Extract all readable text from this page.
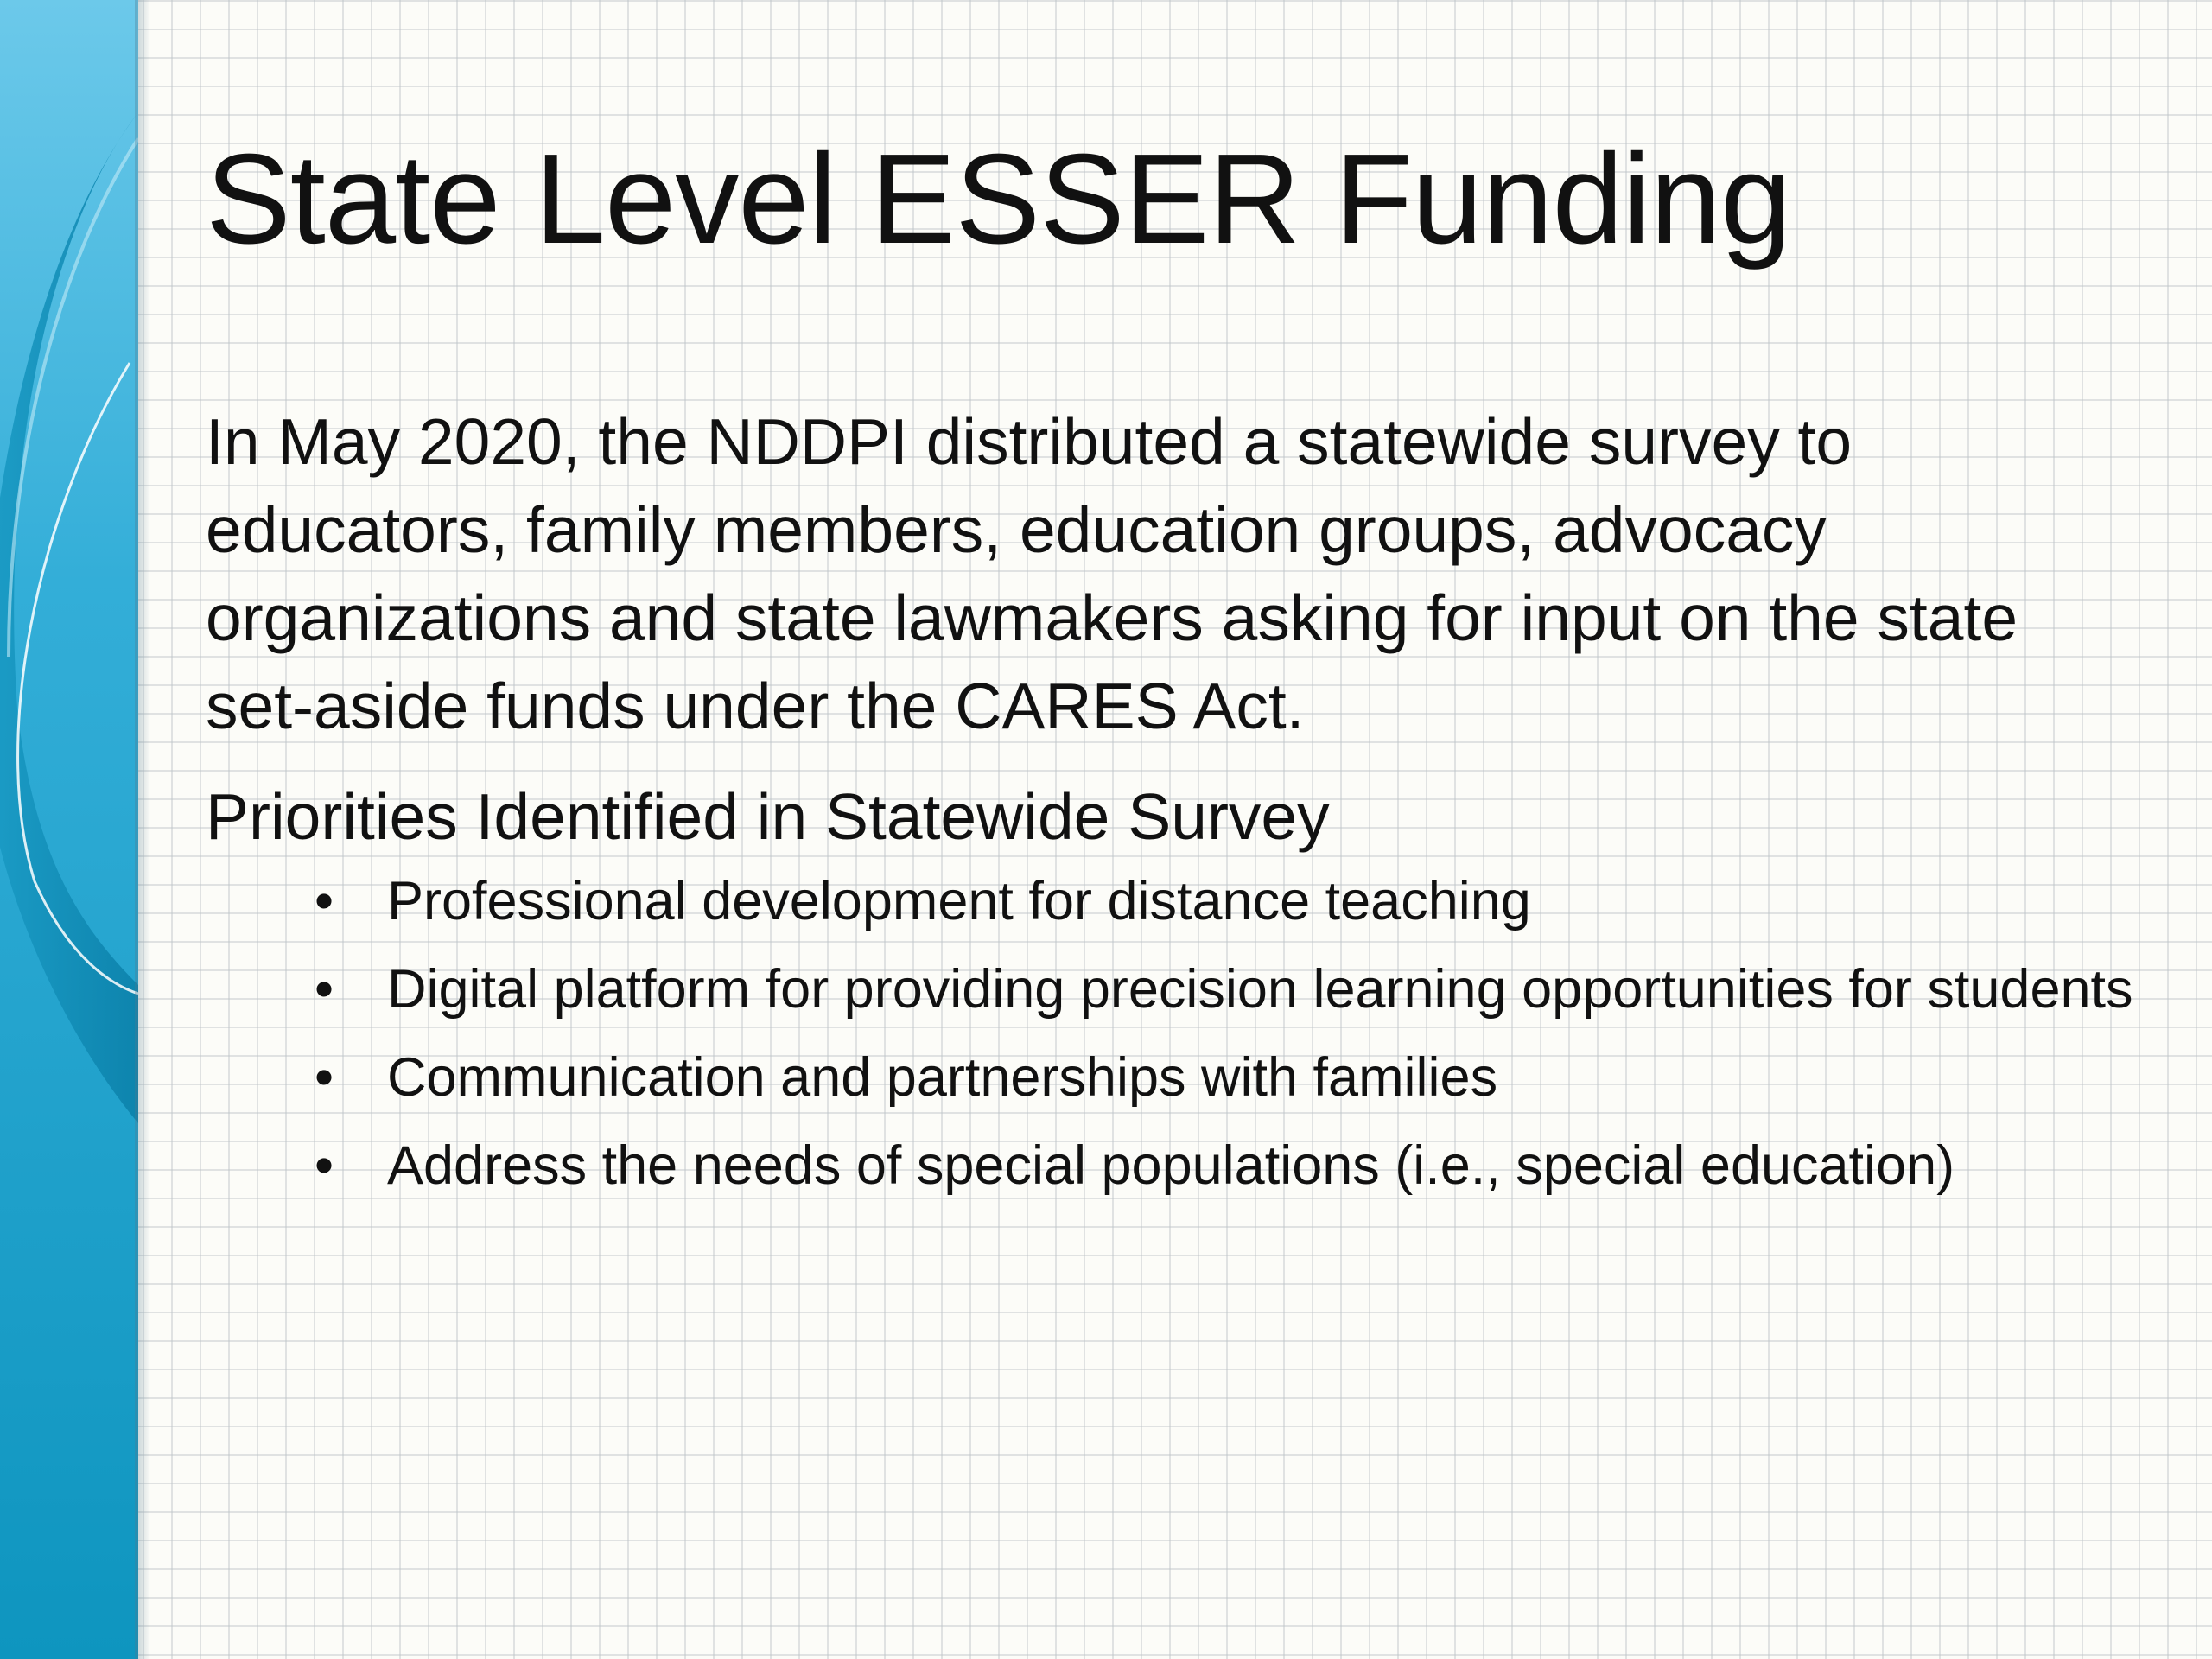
State Level ESSER Funding

In May 2020, the NDDPI distributed a statewide survey to educators, family members, education groups, advocacy organizations and state lawmakers asking for input on the state set-aside funds under the CARES Act.

Priorities Identified in Statewide Survey

• Professional development for distance teaching
• Digital platform for providing precision learning opportunities for students
• Communication and partnerships with families
• Address the needs of special populations (i.e., special education)
